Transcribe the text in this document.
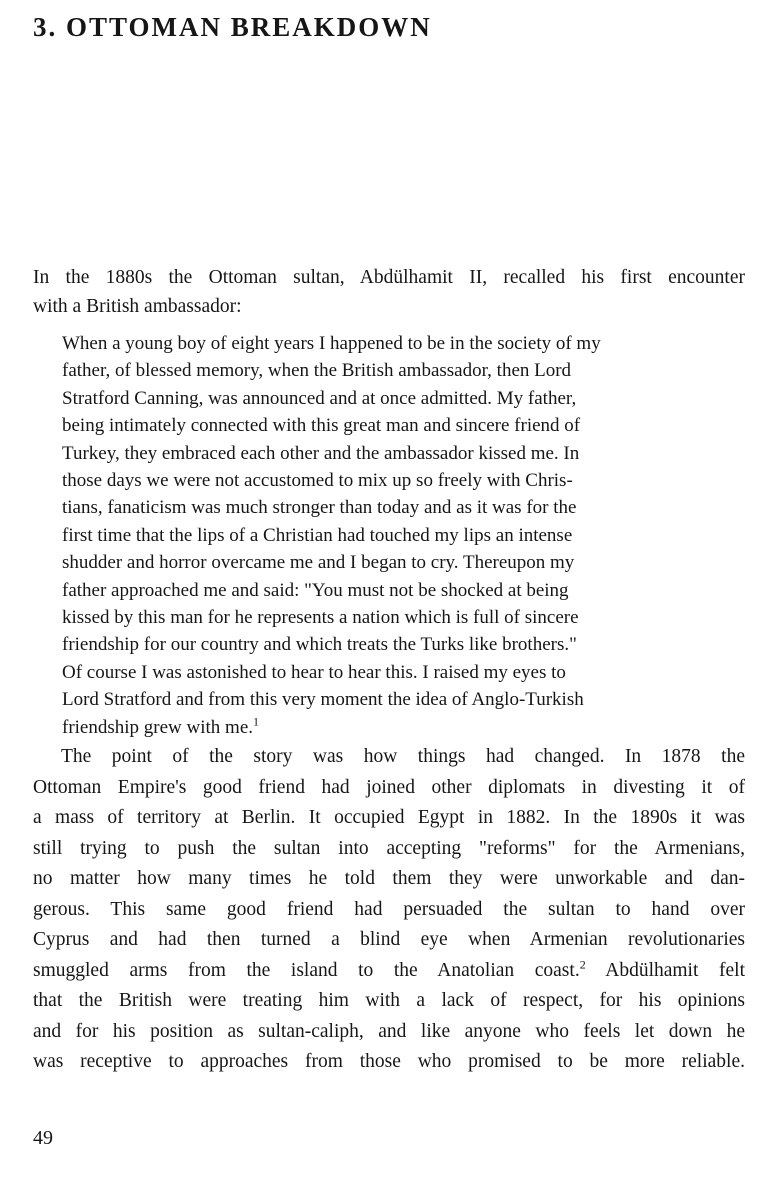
3. OTTOMAN BREAKDOWN
In the 1880s the Ottoman sultan, Abdülhamit II, recalled his first encounter
with a British ambassador:
When a young boy of eight years I happened to be in the society of my
father, of blessed memory, when the British ambassador, then Lord
Stratford Canning, was announced and at once admitted. My father,
being intimately connected with this great man and sincere friend of
Turkey, they embraced each other and the ambassador kissed me. In
those days we were not accustomed to mix up so freely with Chris-
tians, fanaticism was much stronger than today and as it was for the
first time that the lips of a Christian had touched my lips an intense
shudder and horror overcame me and I began to cry. Thereupon my
father approached me and said: "You must not be shocked at being
kissed by this man for he represents a nation which is full of sincere
friendship for our country and which treats the Turks like brothers."
Of course I was astonished to hear to hear this. I raised my eyes to
Lord Stratford and from this very moment the idea of Anglo-Turkish
friendship grew with me.$^1$
The point of the story was how things had changed. In 1878 the
Ottoman Empire's good friend had joined other diplomats in divesting it of
a mass of territory at Berlin. It occupied Egypt in 1882. In the 1890s it was
still trying to push the sultan into accepting "reforms" for the Armenians,
no matter how many times he told them they were unworkable and dan-
gerous. This same good friend had persuaded the sultan to hand over
Cyprus and had then turned a blind eye when Armenian revolutionaries
smuggled arms from the island to the Anatolian coast.$^2$ Abdülhamit felt
that the British were treating him with a lack of respect, for his opinions
and for his position as sultan-caliph, and like anyone who feels let down he
was receptive to approaches from those who promised to be more reliable.
49
